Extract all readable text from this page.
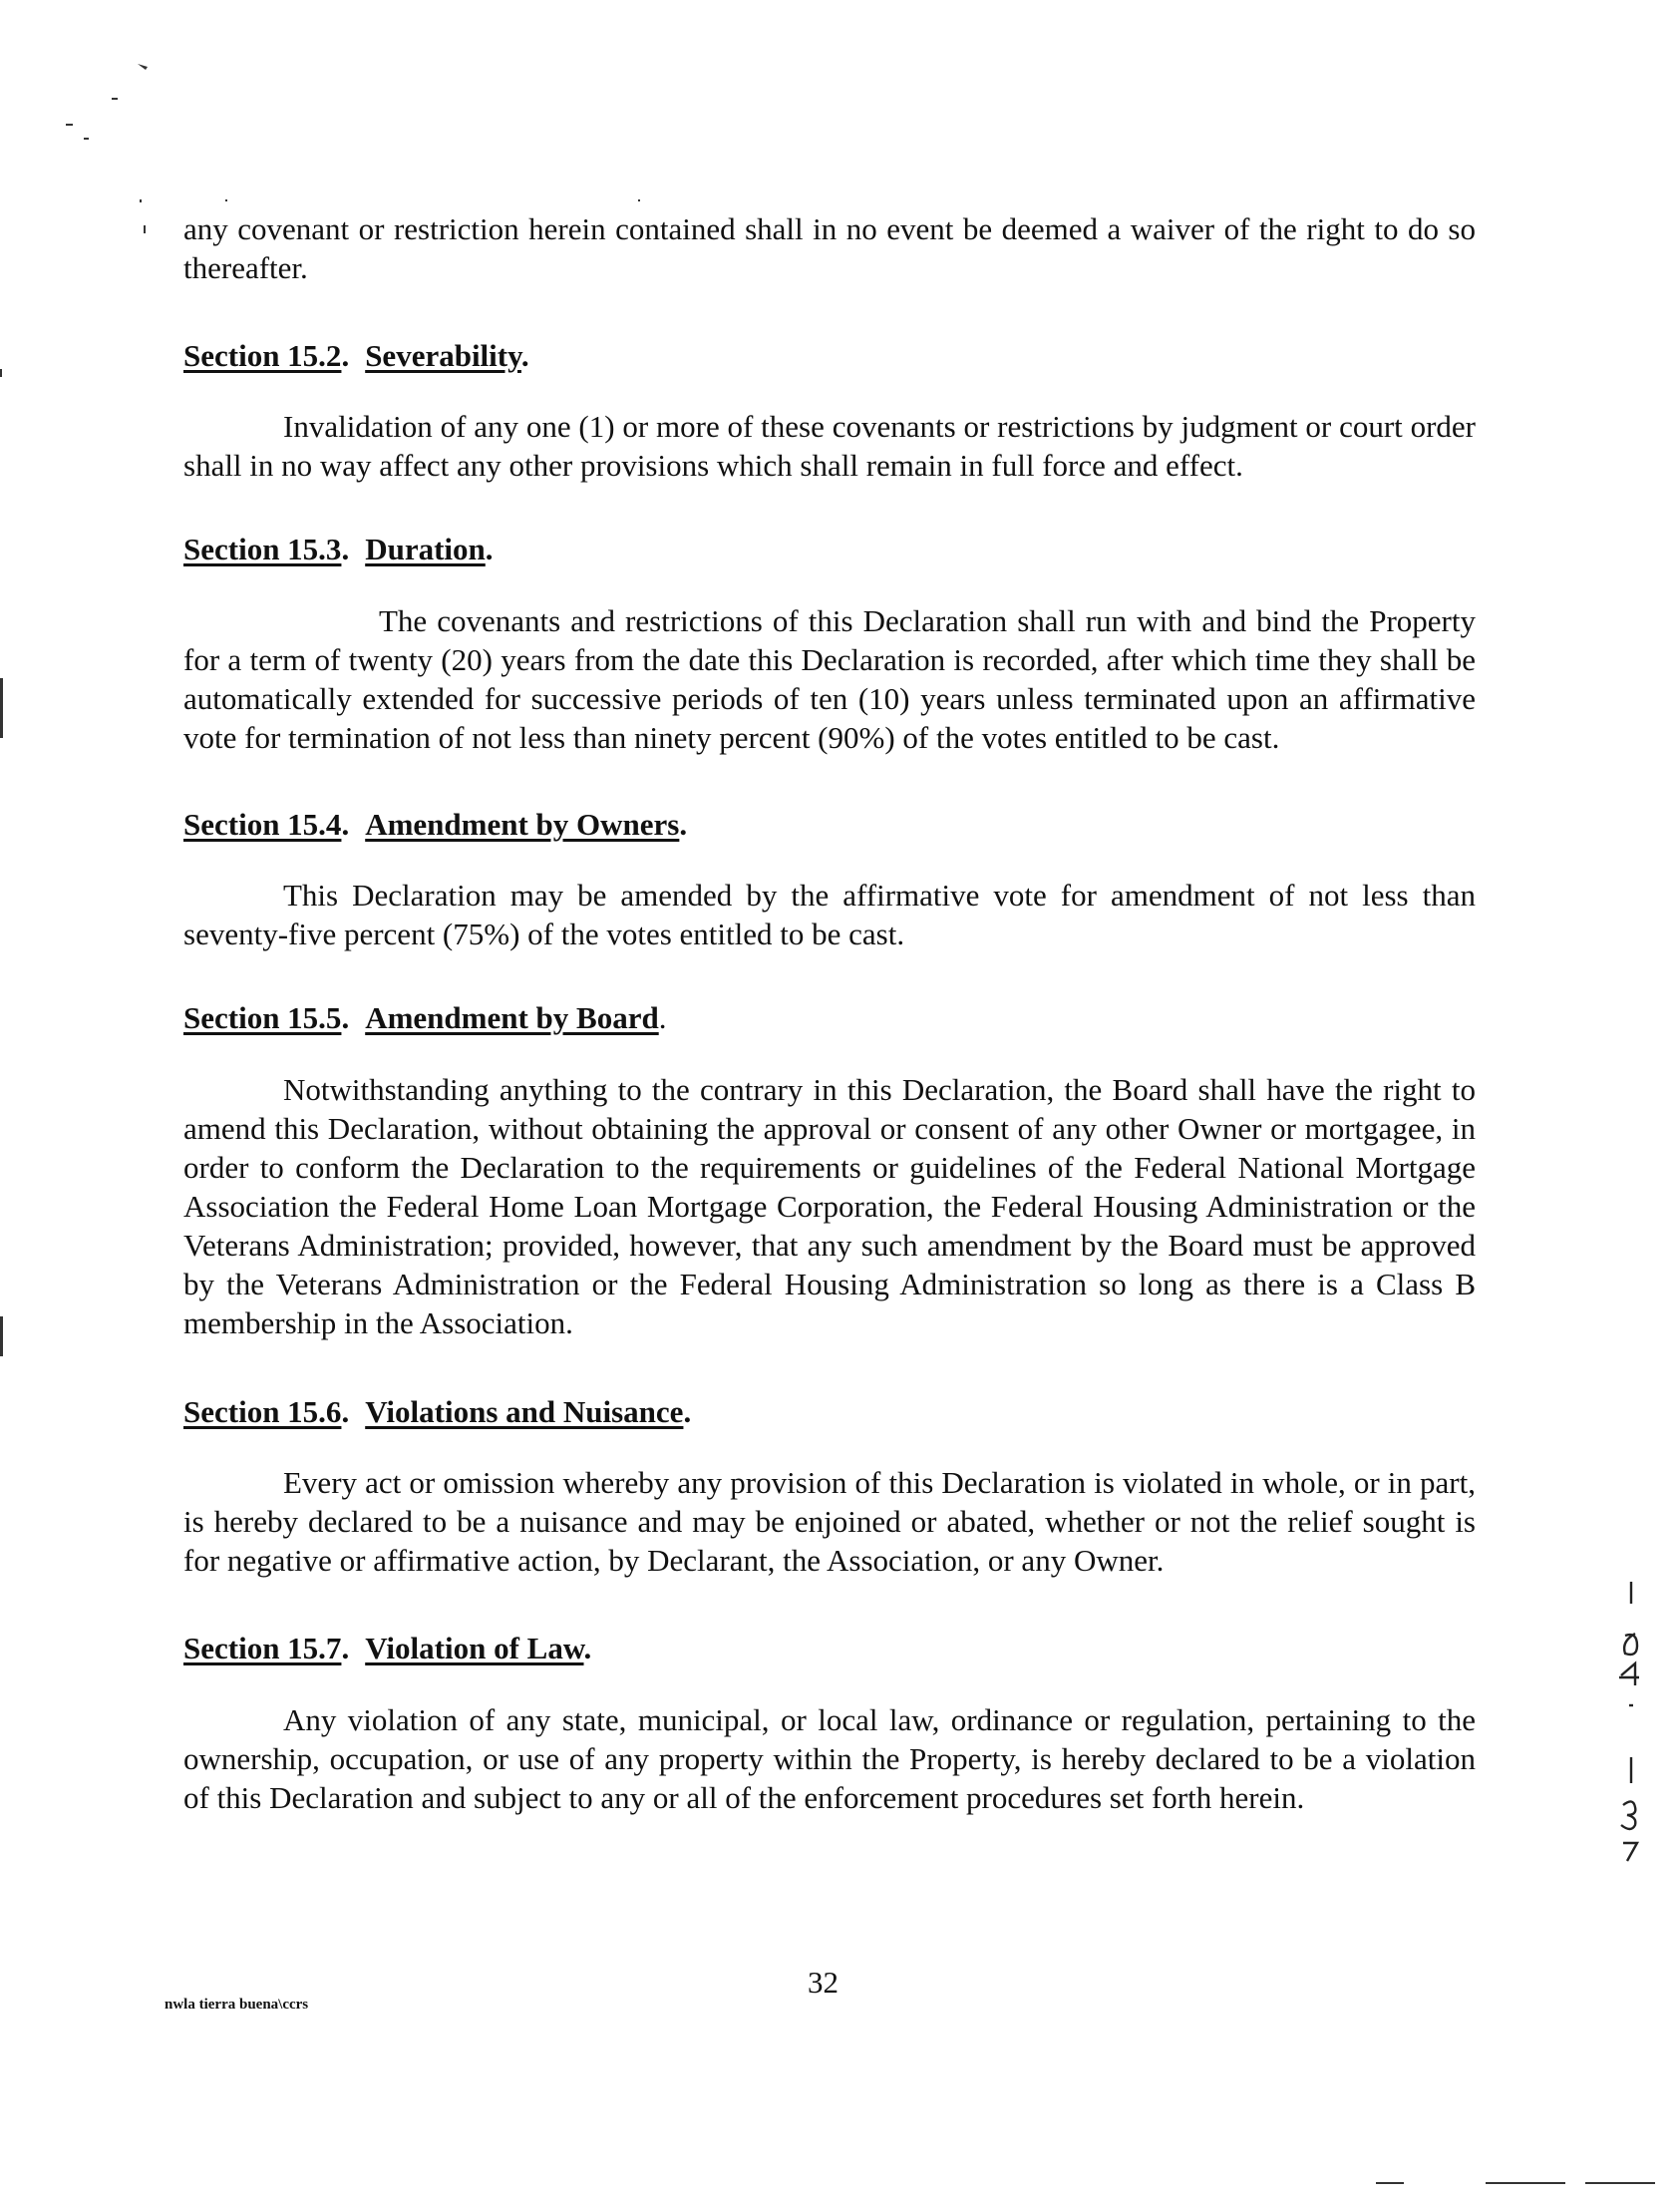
any covenant or restriction herein contained shall in no event be deemed a waiver of the right to do so thereafter.
Section 15.2. Severability.
Invalidation of any one (1) or more of these covenants or restrictions by judgment or court order shall in no way affect any other provisions which shall remain in full force and effect.
Section 15.3. Duration.
The covenants and restrictions of this Declaration shall run with and bind the Property for a term of twenty (20) years from the date this Declaration is recorded, after which time they shall be automatically extended for successive periods of ten (10) years unless terminated upon an affirmative vote for termination of not less than ninety percent (90%) of the votes entitled to be cast.
Section 15.4. Amendment by Owners.
This Declaration may be amended by the affirmative vote for amendment of not less than seventy-five percent (75%) of the votes entitled to be cast.
Section 15.5. Amendment by Board.
Notwithstanding anything to the contrary in this Declaration, the Board shall have the right to amend this Declaration, without obtaining the approval or consent of any other Owner or mortgagee, in order to conform the Declaration to the requirements or guidelines of the Federal National Mortgage Association the Federal Home Loan Mortgage Corporation, the Federal Housing Administration or the Veterans Administration; provided, however, that any such amendment by the Board must be approved by the Veterans Administration or the Federal Housing Administration so long as there is a Class B membership in the Association.
Section 15.6. Violations and Nuisance.
Every act or omission whereby any provision of this Declaration is violated in whole, or in part, is hereby declared to be a nuisance and may be enjoined or abated, whether or not the relief sought is for negative or affirmative action, by Declarant, the Association, or any Owner.
Section 15.7. Violation of Law.
Any violation of any state, municipal, or local law, ordinance or regulation, pertaining to the ownership, occupation, or use of any property within the Property, is hereby declared to be a violation of this Declaration and subject to any or all of the enforcement procedures set forth herein.
nwla tierra buena\ccrs
32
